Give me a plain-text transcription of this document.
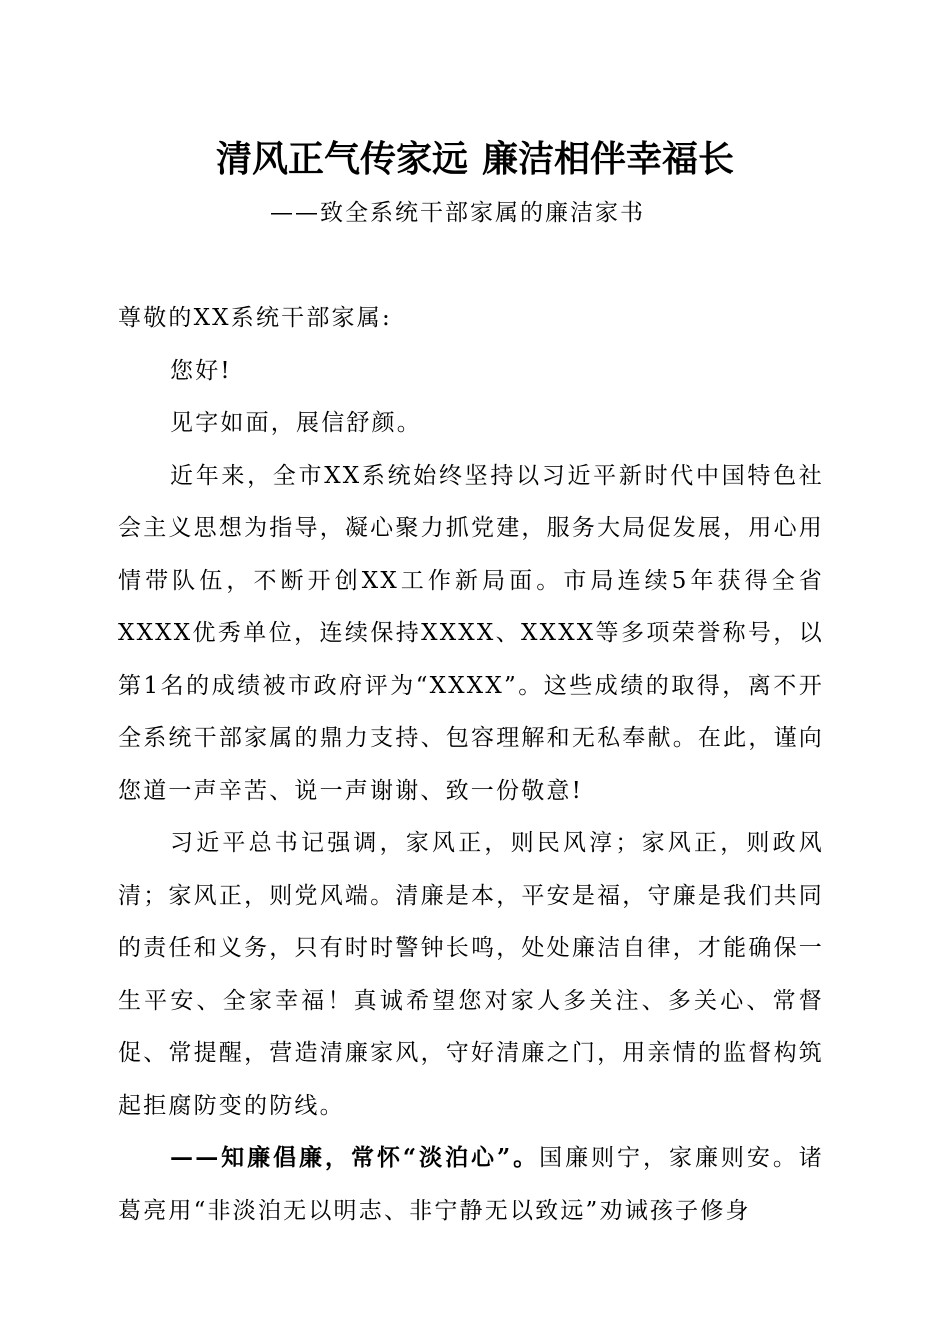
清风正气传家远 廉洁相伴幸福长
——致全系统干部家属的廉洁家书

尊敬的XX系统干部家属:

您好!

见字如面，展信舒颜。

近年来，全市XX系统始终坚持以习近平新时代中国特色社会主义思想为指导，凝心聚力抓党建，服务大局促发展，用心用情带队伍，不断开创XX工作新局面。市局连续5年获得全省XXXX优秀单位，连续保持XXXX、XXXX等多项荣誉称号，以第1名的成绩被市政府评为“XXXX”。这些成绩的取得，离不开全系统干部家属的鼎力支持、包容理解和无私奉献。在此，谨向您道一声辛苦、说一声谢谢、致一份敬意!

习近平总书记强调，家风正，则民风淳；家风正，则政风清；家风正，则党风端。清廉是本，平安是福，守廉是我们共同的责任和义务，只有时时警钟长鸣，处处廉洁自律，才能确保一生平安、全家幸福！真诚希望您对家人多关注、多关心、常督促、常提醒，营造清廉家风，守好清廉之门，用亲情的监督构筑起拒腐防变的防线。

——知廉倡廉，常怀“淡泊心”。国廉则宁，家廉则安。诸葛亮用“非淡泊无以明志、非宁静无以致远”劝诫孩子修身
